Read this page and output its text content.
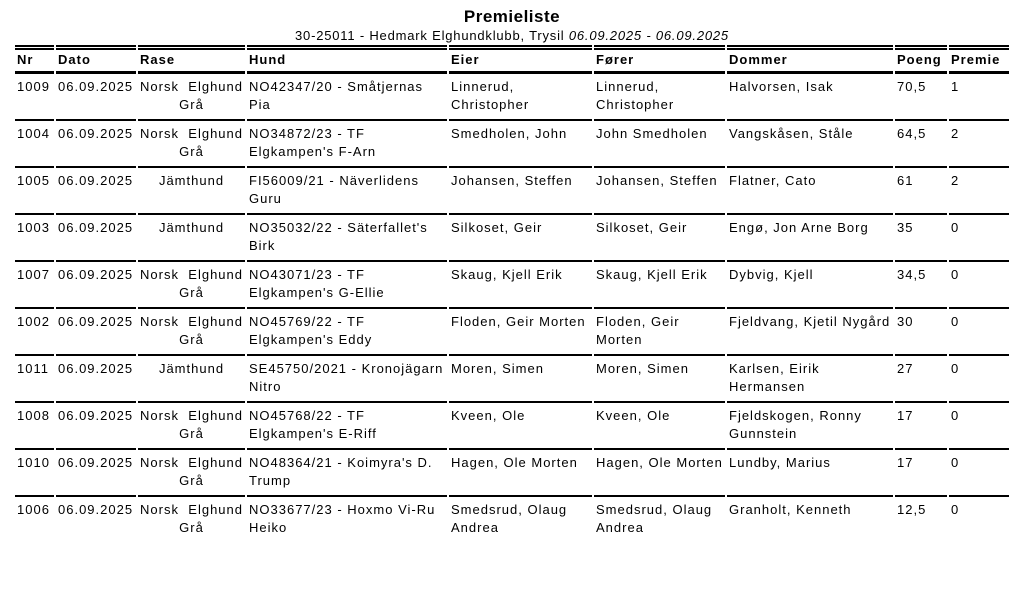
Premieliste
30-25011 - Hedmark Elghundklubb, Trysil 06.09.2025 - 06.09.2025
Nr	Dato	Rase	Hund	Eier	Fører	Dommer	Poeng	Premie
1009	06.09.2025	Norsk Elghund Grå	NO42347/20 - Småtjernas Pia	Linnerud, Christopher	Linnerud, Christopher	Halvorsen, Isak	70,5	1
1004	06.09.2025	Norsk Elghund Grå	NO34872/23 - TF Elgkampen's F-Arn	Smedholen, John	John Smedholen	Vangskåsen, Ståle	64,5	2
1005	06.09.2025	Jämthund	FI56009/21 - Näverlidens Guru	Johansen, Steffen	Johansen, Steffen	Flatner, Cato	61	2
1003	06.09.2025	Jämthund	NO35032/22 - Säterfallet's Birk	Silkoset, Geir	Silkoset, Geir	Engø, Jon Arne Borg	35	0
1007	06.09.2025	Norsk Elghund Grå	NO43071/23 - TF Elgkampen's G-Ellie	Skaug, Kjell Erik	Skaug, Kjell Erik	Dybvig, Kjell	34,5	0
1002	06.09.2025	Norsk Elghund Grå	NO45769/22 - TF Elgkampen's Eddy	Floden, Geir Morten	Floden, Geir Morten	Fjeldvang, Kjetil Nygård	30	0
1011	06.09.2025	Jämthund	SE45750/2021 - Kronojägarn Nitro	Moren, Simen	Moren, Simen	Karlsen, Eirik Hermansen	27	0
1008	06.09.2025	Norsk Elghund Grå	NO45768/22 - TF Elgkampen's E-Riff	Kveen, Ole	Kveen, Ole	Fjeldskogen, Ronny Gunnstein	17	0
1010	06.09.2025	Norsk Elghund Grå	NO48364/21 - Koimyra's D. Trump	Hagen, Ole Morten	Hagen, Ole Morten	Lundby, Marius	17	0
1006	06.09.2025	Norsk Elghund Grå	NO33677/23 - Hoxmo Vi-Ru Heiko	Smedsrud, Olaug Andrea	Smedsrud, Olaug Andrea	Granholt, Kenneth	12,5	0
